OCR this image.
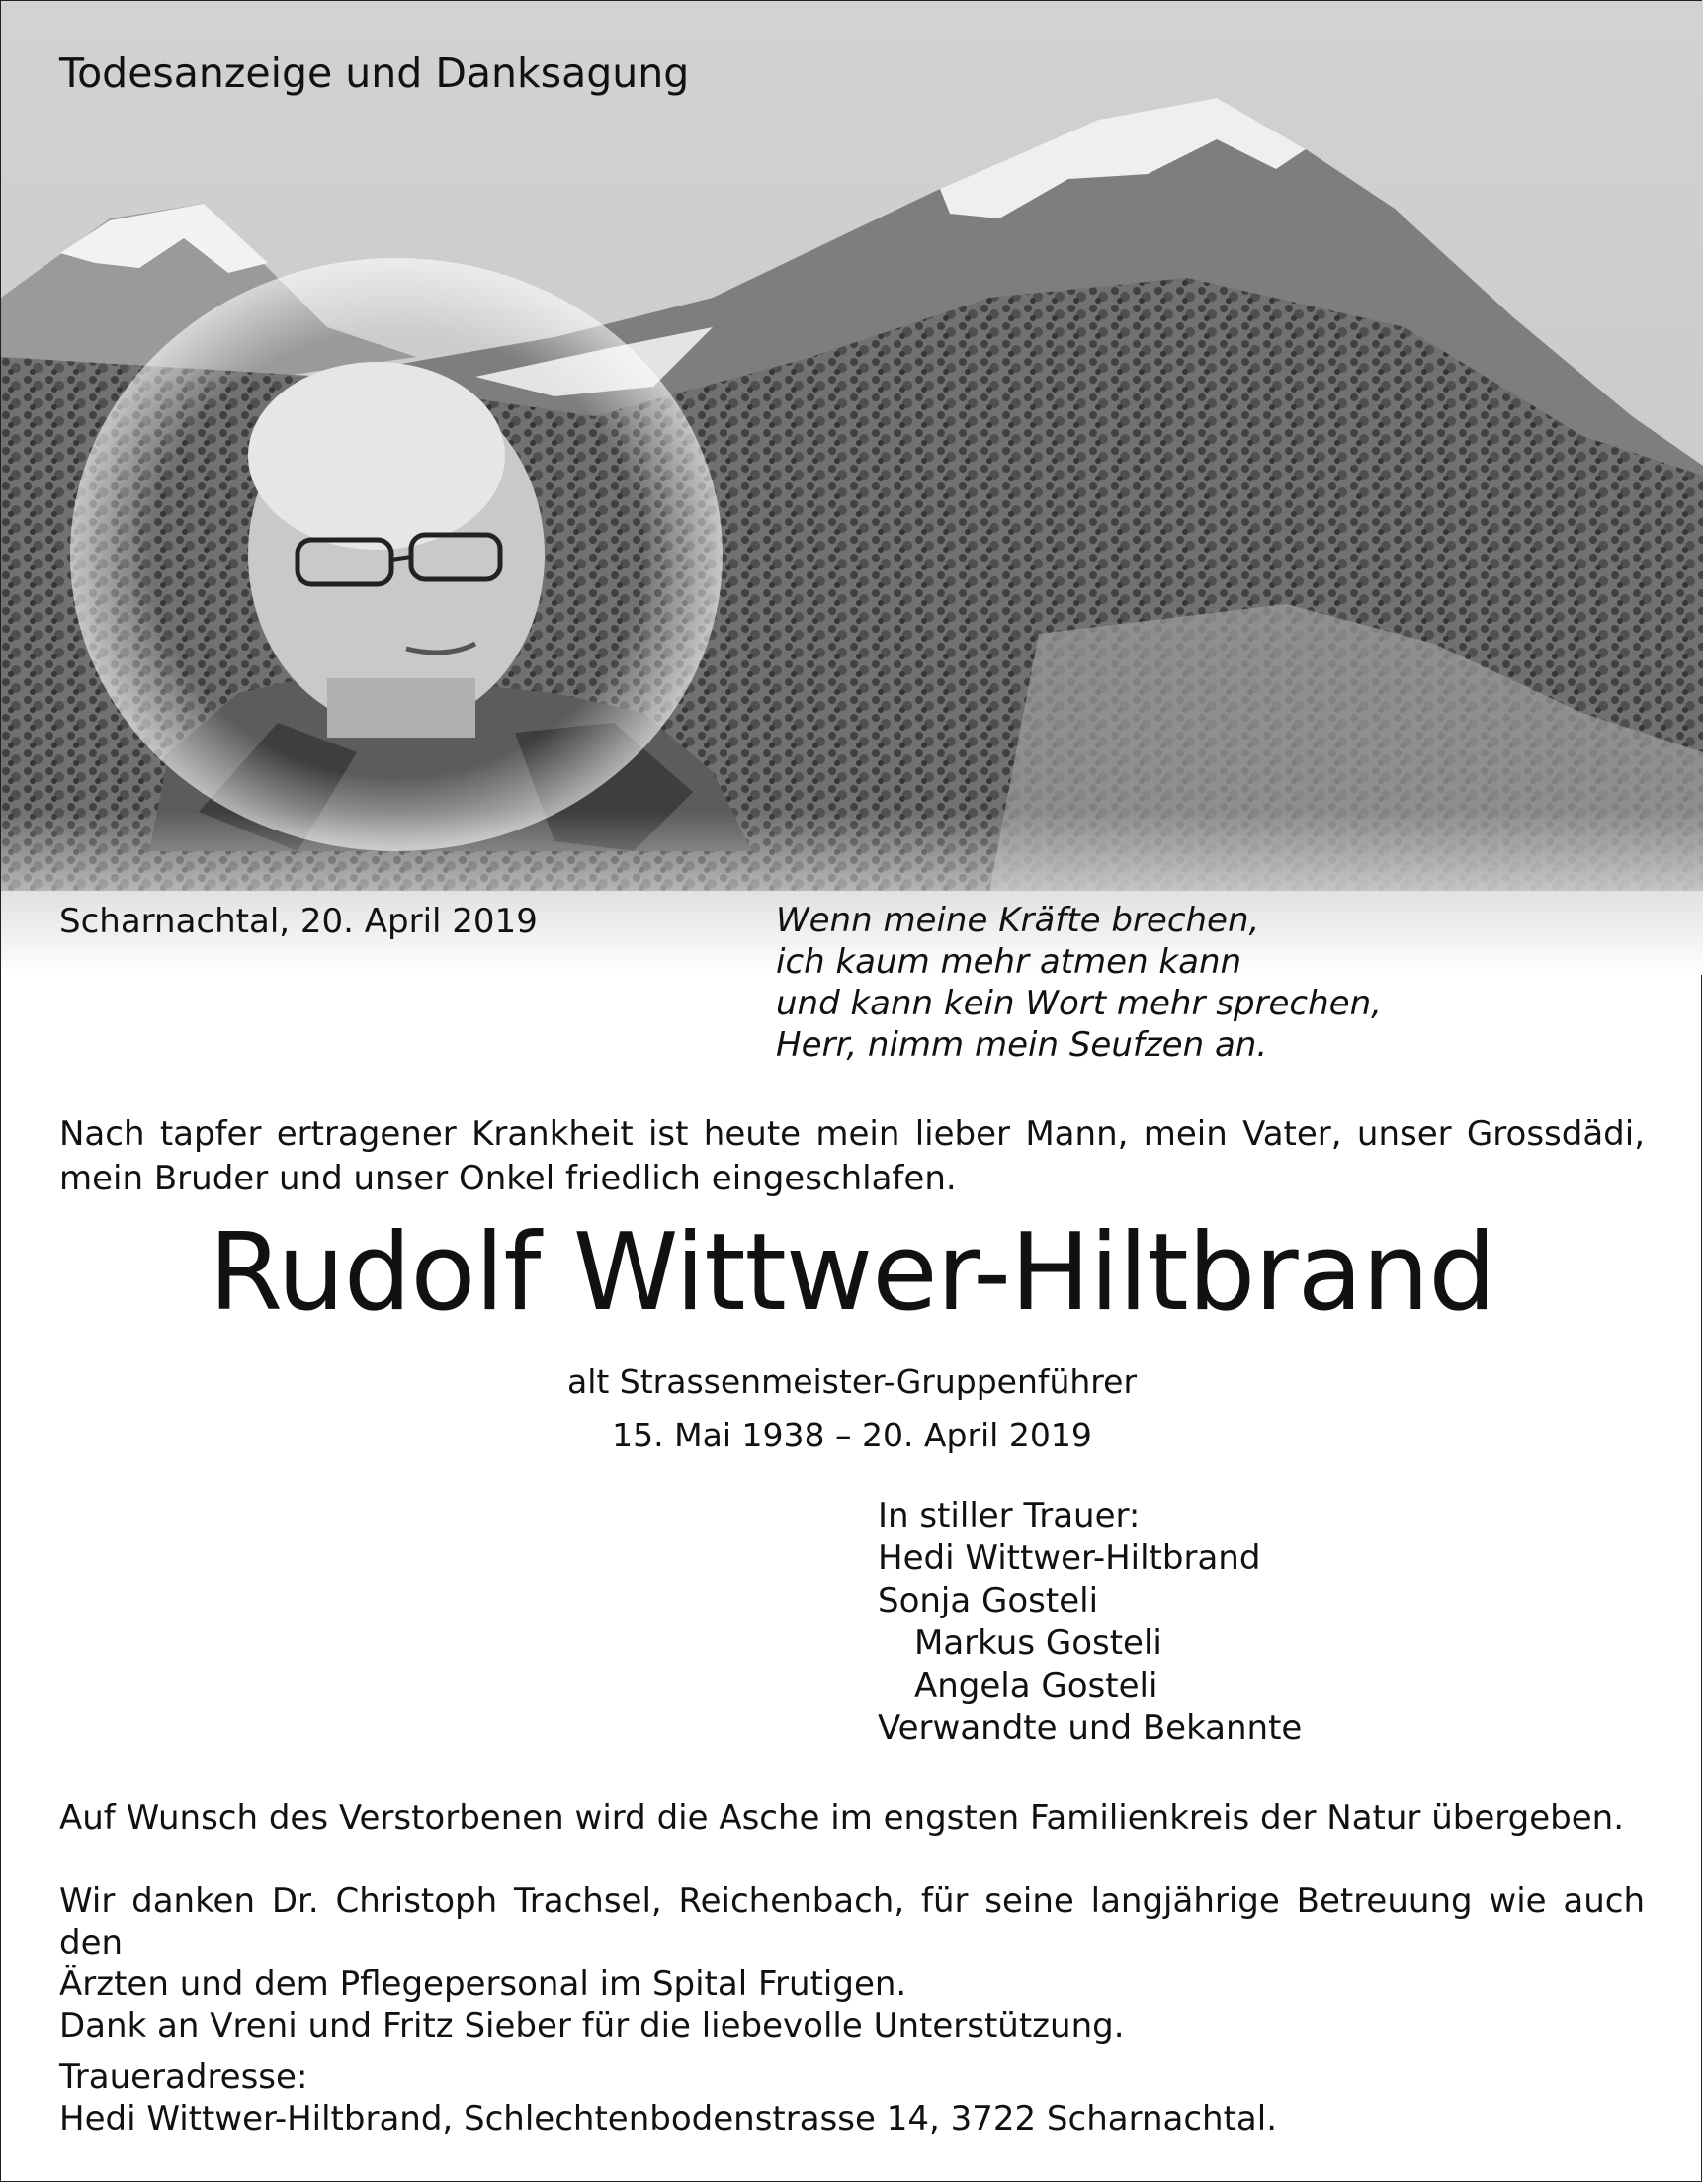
Todesanzeige und Danksagung
Scharnachtal, 20. April 2019	Wenn meine Kräfte brechen,
ich kaum mehr atmen kann
und kann kein Wort mehr sprechen,
Herr, nimm mein Seufzen an.
Nach tapfer ertragener Krankheit ist heute mein lieber Mann, mein Vater, unser Grossdädi, mein Bruder und unser Onkel friedlich eingeschlafen.
Rudolf Wittwer-Hiltbrand
alt Strassenmeister-Gruppenführer
15. Mai 1938 – 20. April 2019
In stiller Trauer:
Hedi Wittwer-Hiltbrand
Sonja Gosteli
Markus Gosteli
Angela Gosteli
Verwandte und Bekannte
Auf Wunsch des Verstorbenen wird die Asche im engsten Familienkreis der Natur übergeben.
Wir danken Dr. Christoph Trachsel, Reichenbach, für seine langjährige Betreuung wie auch den
Ärzten und dem Pflegepersonal im Spital Frutigen.
Dank an Vreni und Fritz Sieber für die liebevolle Unterstützung.
Traueradresse:
Hedi Wittwer-Hiltbrand, Schlechtenbodenstrasse 14, 3722 Scharnachtal.
